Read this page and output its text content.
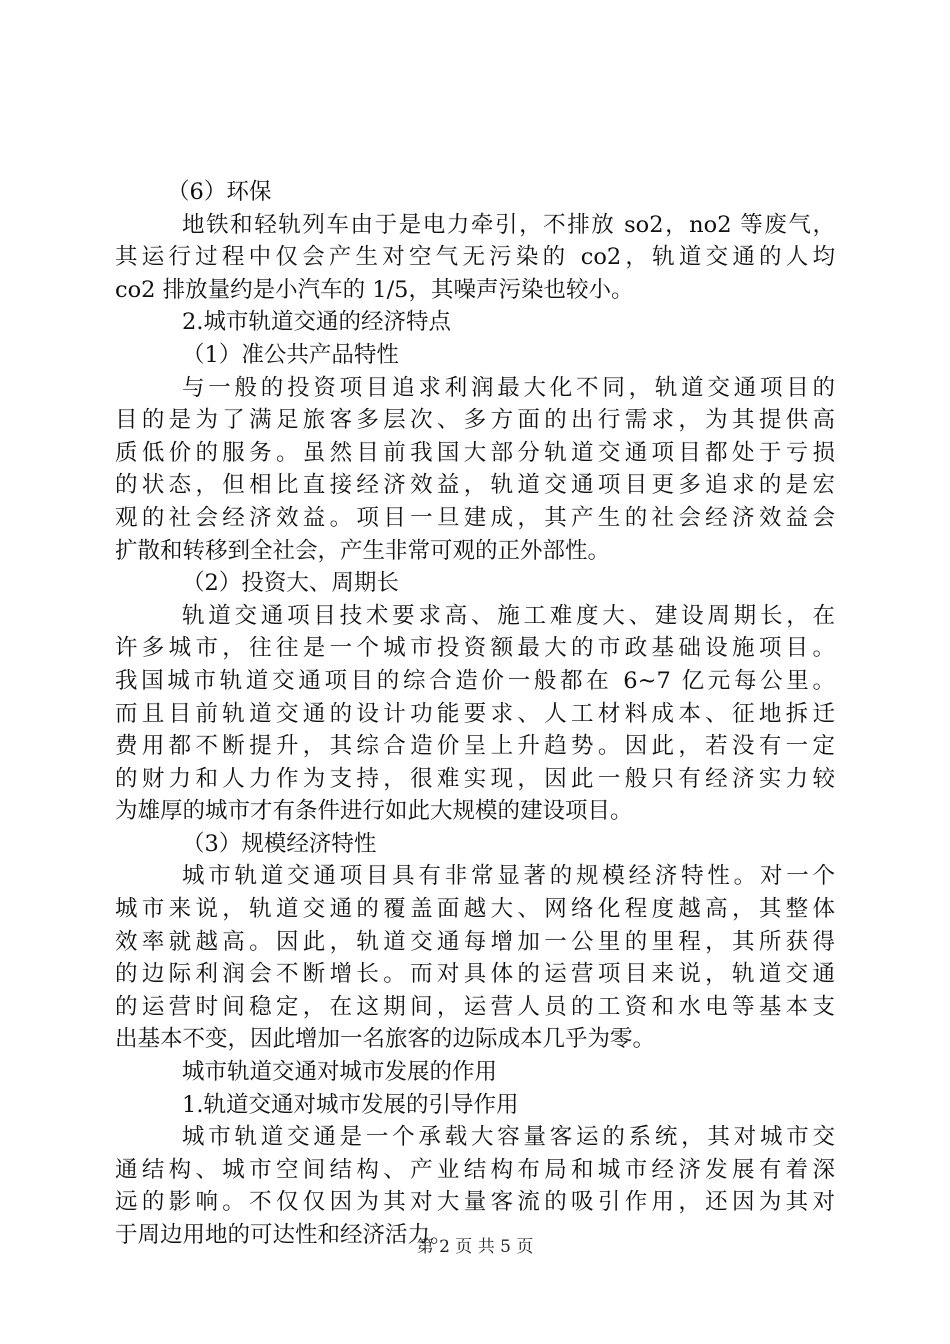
（6）环保
地铁和轻轨列车由于是电力牵引，不排放 so2，no2 等废气，
其运行过程中仅会产生对空气无污染的 co2，轨道交通的人均
co2 排放量约是小汽车的 1/5，其噪声污染也较小。
2.城市轨道交通的经济特点
（1）准公共产品特性
与一般的投资项目追求利润最大化不同，轨道交通项目的
目的是为了满足旅客多层次、多方面的出行需求，为其提供高
质低价的服务。虽然目前我国大部分轨道交通项目都处于亏损
的状态，但相比直接经济效益，轨道交通项目更多追求的是宏
观的社会经济效益。项目一旦建成，其产生的社会经济效益会
扩散和转移到全社会，产生非常可观的正外部性。
（2）投资大、周期长
轨道交通项目技术要求高、施工难度大、建设周期长，在
许多城市，往往是一个城市投资额最大的市政基础设施项目。
我国城市轨道交通项目的综合造价一般都在 6~7 亿元每公里。
而且目前轨道交通的设计功能要求、人工材料成本、征地拆迁
费用都不断提升，其综合造价呈上升趋势。因此，若没有一定
的财力和人力作为支持，很难实现，因此一般只有经济实力较
为雄厚的城市才有条件进行如此大规模的建设项目。
（3）规模经济特性
城市轨道交通项目具有非常显著的规模经济特性。对一个
城市来说，轨道交通的覆盖面越大、网络化程度越高，其整体
效率就越高。因此，轨道交通每增加一公里的里程，其所获得
的边际利润会不断增长。而对具体的运营项目来说，轨道交通
的运营时间稳定，在这期间，运营人员的工资和水电等基本支
出基本不变，因此增加一名旅客的边际成本几乎为零。
城市轨道交通对城市发展的作用
1.轨道交通对城市发展的引导作用
城市轨道交通是一个承载大容量客运的系统，其对城市交
通结构、城市空间结构、产业结构布局和城市经济发展有着深
远的影响。不仅仅因为其对大量客流的吸引作用，还因为其对
于周边用地的可达性和经济活力。
第 2 页 共 5 页
